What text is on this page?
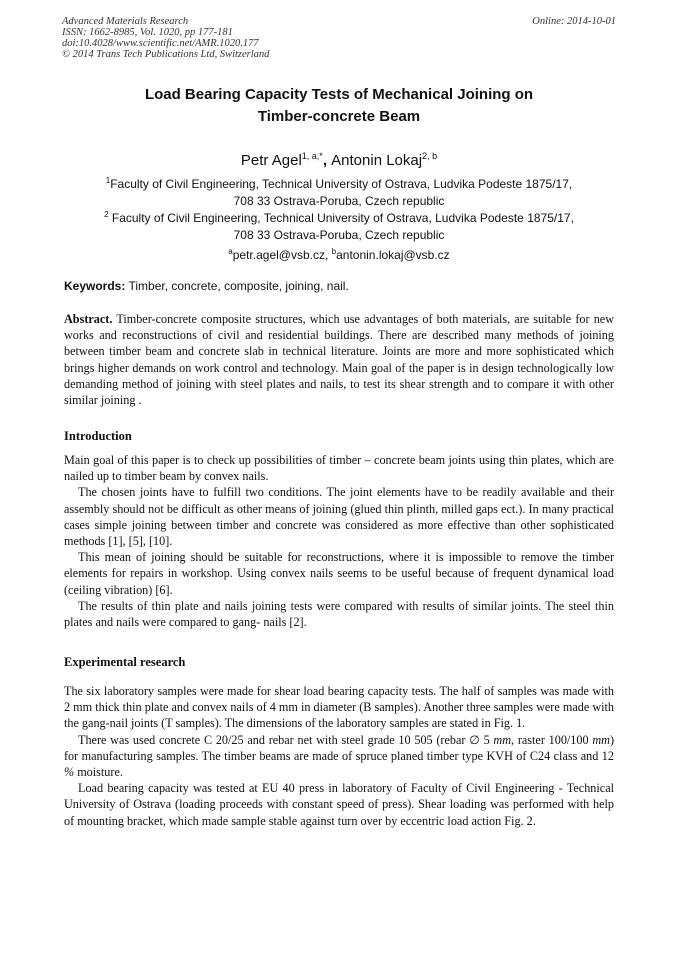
Advanced Materials Research
ISSN: 1662-8985, Vol. 1020, pp 177-181
doi:10.4028/www.scientific.net/AMR.1020.177
© 2014 Trans Tech Publications Ltd, Switzerland
Online: 2014-10-01
Load Bearing Capacity Tests of Mechanical Joining on
Timber-concrete Beam
Petr Agel$^{1, a,*}$, Antonin Lokaj$^{2, b}$
$^1$Faculty of Civil Engineering, Technical University of Ostrava, Ludvika Podeste 1875/17,
708 33 Ostrava-Poruba, Czech republic
$^2$ Faculty of Civil Engineering, Technical University of Ostrava, Ludvika Podeste 1875/17,
708 33 Ostrava-Poruba, Czech republic
$^a$petr.agel@vsb.cz, $^b$antonin.lokaj@vsb.cz
Keywords: Timber, concrete, composite, joining, nail.

Abstract. Timber-concrete composite structures, which use advantages of both materials, are suitable for new works and reconstructions of civil and residential buildings. There are described many methods of joining between timber beam and concrete slab in technical literature. Joints are more and more sophisticated which brings higher demands on work control and technology. Main goal of the paper is in design technologically low demanding method of joining with steel plates and nails, to test its shear strength and to compare it with other similar joining .

Introduction

Main goal of this paper is to check up possibilities of timber – concrete beam joints using thin plates, which are nailed up to timber beam by convex nails.

The chosen joints have to fulfill two conditions. The joint elements have to be readily available and their assembly should not be difficult as other means of joining (glued thin plinth, milled gaps ect.). In many practical cases simple joining between timber and concrete was considered as more effective than other sophisticated methods [1], [5], [10].

This mean of joining should be suitable for reconstructions, where it is impossible to remove the timber elements for repairs in workshop. Using convex nails seems to be useful because of frequent dynamical load (ceiling vibration) [6].

The results of thin plate and nails joining tests were compared with results of similar joints. The steel thin plates and nails were compared to gang- nails [2].

Experimental research

The six laboratory samples were made for shear load bearing capacity tests. The half of samples was made with 2 mm thick thin plate and convex nails of 4 mm in diameter (B samples). Another three samples were made with the gang-nail joints (T samples). The dimensions of the laboratory samples are stated in Fig. 1.

There was used concrete C 20/25 and rebar net with steel grade 10 505 (rebar ∅ 5 mm, raster 100/100 mm) for manufacturing samples. The timber beams are made of spruce planed timber type KVH of C24 class and 12 % moisture.

Load bearing capacity was tested at EU 40 press in laboratory of Faculty of Civil Engineering - Technical University of Ostrava (loading proceeds with constant speed of press). Shear loading was performed with help of mounting bracket, which made sample stable against turn over by eccentric load action Fig. 2.
